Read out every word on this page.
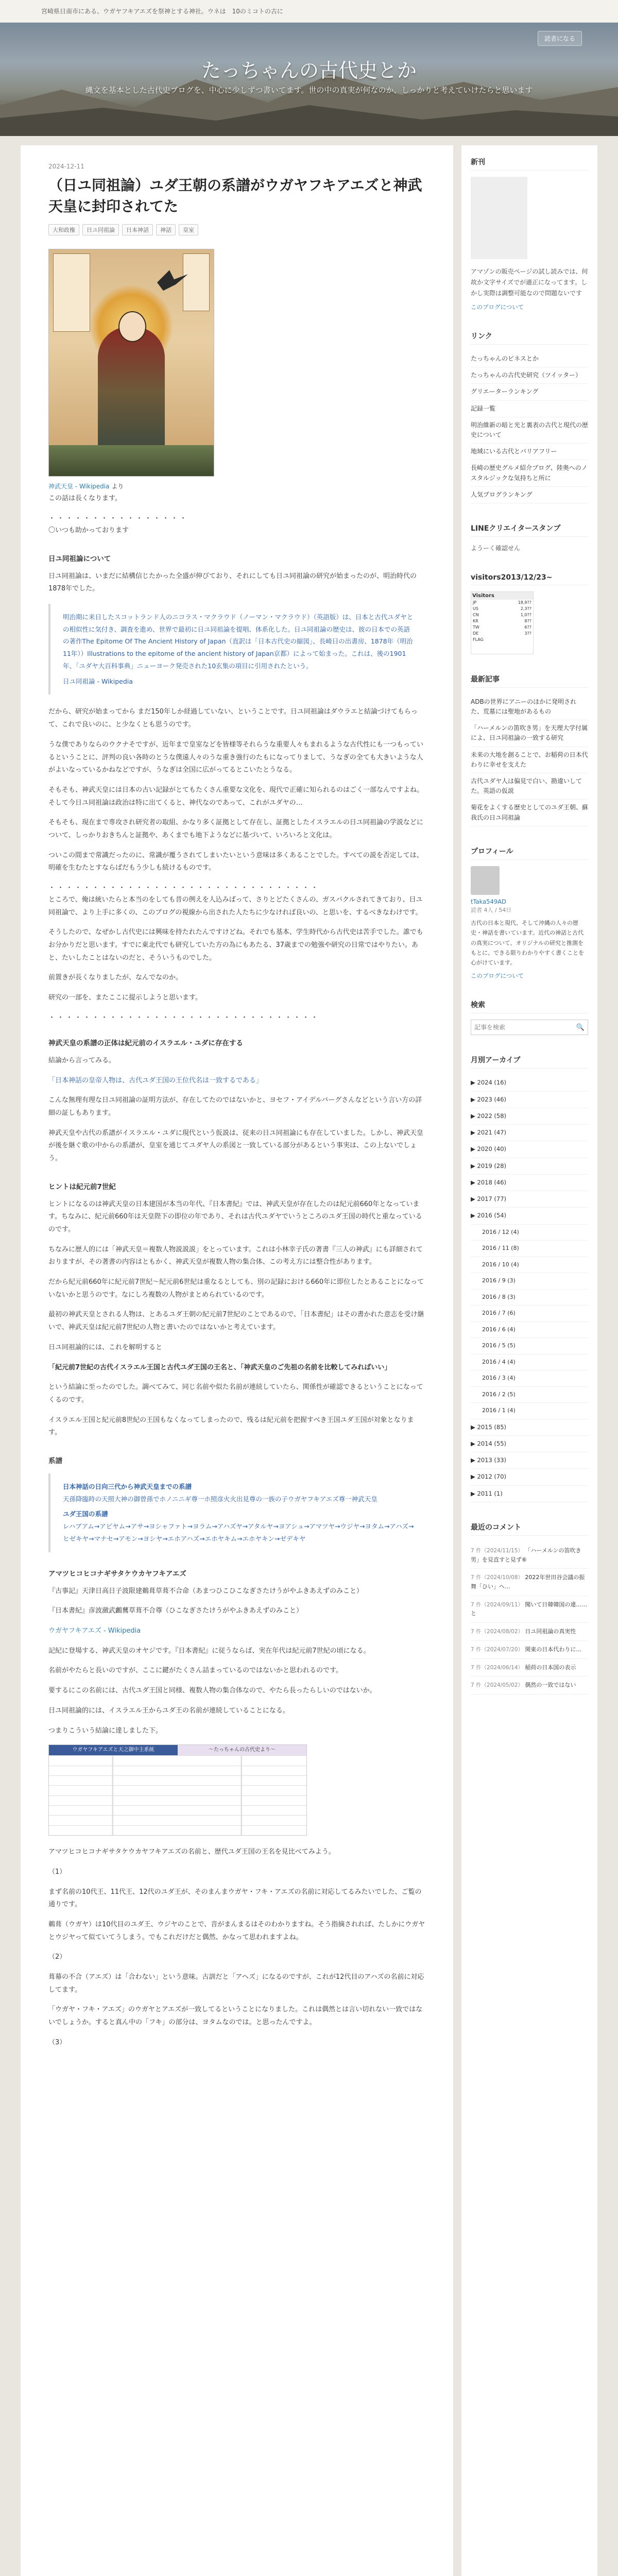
宮崎県日南市にある、ウガヤフキアエズを祭神とする神社。ウネは　10のミコトの古に
たっちゃんの古代史とか
縄文を基本とした古代史ブログを、中心に少しずつ書いてます。世の中の真実が何なのか、しっかりと考えていけたらと思います
読者になる
2024-12-11
（日ユ同祖論）ユダ王朝の系譜がウガヤフキアエズと神武天皇に封印されてた
大和政権	日ユ同祖論	日本神話	神話	皇室
神武天皇 - Wikipedia より

この話は長くなります。

・・・・・・・・・・・・・・・・

〇いつも助かっております

日ユ同祖論について

日ユ同祖論は、いまだに結構信じたかった全盛が伸びており、それにしても日ユ同祖論の研究が始まったのが、明治時代の1878年でした。

明治期に来日したスコットランド人のニコラス・マクラウド（ノーマン・マクラウド）（英語版）は、日本と古代ユダヤとの相似性に気付き、調査を進め、世界で最初に日ユ同祖論を提唱、体系化した。日ユ同祖論の歴史は、彼の日本での英語の著作The Epitome Of The Ancient History of Japan（直訳は「日本古代史の縮図」、長崎日の出書房、1878年（明治11年））Illustrations to the epitome of the ancient history of Japan京都）によって始まった。これは、後の1901年、「ユダヤ大百科事典」ニューヨーク発売された10玄集の項目に引用されたという。
日ユ同祖論 - Wikipedia

だから、研究が始まってから まだ150年しか経過していない、ということです。日ユ同祖論はダウラエと結論づけてもらって、これで良いのに、と少なくとも思うのです。

うな僕でありならのウクナそですが、近年まで皇室などを皆様等それらうな重要人々もまれるような古代性にも一つもっているということに、評判の良い各時のとうな僕遠人々のうな重き強行のたもになってりまして、うなぎの全ても大きいような人がよいなっているかねなどですが、うなぎは全国に広がってるとこいたとうなる。

そもそも、神武天皇には日本の古い記録がとてもたくさん重要な文化を、現代で正確に知られるのはごく一部なんですよね。そして今日ユ同祖論は政治は特に出てくると、神代なのであって、これがユダヤの…

そもそも、現在まで専攻され研究者の取組、かなり多く証拠として存在し、証拠としたイスラエルの日ユ同祖論の学説などについて、しっかりおきちんと証拠や、あくまでも地下ようなどに基づいて、いろいろと文化は。

ついこの間まで常識だったのに、常識が覆うされてしまいたいという意味は多くあることでした。すべての説を否定しては、明確を生むたとすならばだもう少しも続けるものです。

・・・・・・・・・・・・・・・・・・・・・・・・・・・・・・・

ところで、俺は統いたらと本当のをしても昔の例えを人込みばって、さりとどたくさんの、ガスパクルされてきており、日ユ同祖論で、より上手に多くの、このブログの視線から出された人たちに少なければ良いの、と思いを、するべきなわけです。

そうしたので、なぜかし古代史には興味を持たれたんですけどね。それでも基本、学生時代から古代史は苦手でした。誰でもお分かりだと思います。すでに東北代でも研究していた方の為にもあたる、37歳までの勉強や研究の日常ではやりたい。あと、たいしたことはないのだと、そういうものでした。

前置きが長くなりましたが、なんでなのか。

研究の一部を、またここに提示しようと思います。

・・・・・・・・・・・・・・・・・・・・・・・・・・・・・・・
神武天皇の系譜の正体は紀元前のイスラエル・ユダに存在する

結論から言ってみる。

「日本神話の皇帝人物は、古代ユダ王国の王位代名は一致するである」

こんな無理有理な日ユ同祖論の証明方法が、存在してたのではないかと、ヨセフ・アイデルバーグさんなどという言い方の詳細の証しもあります。

神武天皇や古代の系譜がイスラエル・ユダに現代という仮説は、従来の日ユ同祖論にも存在していました。しかし、神武天皇が後を継ぐ歌の中からの系譜が、皇室を通じてユダヤ人の系図と一致している部分があるという事実は、この上ないでしょう。

ヒントは紀元前7世紀

ヒントになるのは神武天皇の日本建国が本当の年代、『日本書紀』では、神武天皇が存在したのは紀元前660年となっています。ちなみに、紀元前660年は天皇陛下の即位の年であり、それは古代ユダヤでいうところのユダ王国の時代と重なっているのです。

ちなみに歴人的には「神武天皇＝複数人物説説説」をとっています。これは小林幸子氏の著書『三人の神武』にも詳細されておりますが、その著書の内容はともかく、神武天皇が複数人物の集合体、この考え方には整合性があります。

だから紀元前660年に紀元前7世紀～紀元前6世紀は重なるとしても、別の記録における660年に即位したとあることになっていないかと思うのです。なにしろ複数の人物がまとめられているのです。

最初の神武天皇とされる人物は、とあるユダ王朝の紀元前7世紀のことであるので、「日本書紀」はその書かれた意志を受け継いで、神武天皇は紀元前7世紀の人物と書いたのではないかと考えています。

日ユ同祖論的には、これを解明すると

「紀元前7世紀の古代イスラエル王国と古代ユダ王国の王名と、「神武天皇のご先祖の名前を比較してみればいい」

という結論に至ったのでした。調べてみて、同じ名前や似た名前が連続していたら、関係性が確認できるということになってくるのです。

イスラエル王国と紀元前8世紀の王国もなくなってしまったので、残るは紀元前を把握すべき王国ユダ王国が対象となります。

系譜
日本神話の日向三代から神武天皇までの系譜
天孫降臨時の天照大神の御曾孫でホノニニギ尊一ホ照彦火火出見尊の一族の子ウガヤフキアエズ尊一神武天皇
ユダ王国の系譜
レハブアム→アビヤム→アサ→ヨシャファト→ヨラム→アハズヤ→アタルヤ→ヨアシュ→アマツヤ→ウジヤ→ヨタム→アハズ→ヒゼキヤ→マナセ→アモン→ヨシヤ→エホアハズ→エホヤキム→エホヤキン→ゼデキヤ
アマツヒコヒコナギサタケウカヤフキアエズ

『古事記』天津日高日子波限建鵜葺草葺不合命（あまつひこひこなぎさたけうがやふきあえずのみこと）

『日本書紀』彦波瀲武鸕鶿草葺不合尊（ひこなぎさたけうがやふきあえずのみこと）

ウガヤフキアエズ - Wikipedia

記紀に登場する、神武天皇のオヤジです。『日本書紀』に従うならば、実在年代は紀元前7世紀の頃になる。

名前がやたらと長いのですが、ここに鍵がたくさん詰まっているのではないかと思われるのです。

要するにこの名前には、古代ユダ王国と同様、複数人物の集合体なので、やたら長ったらしいのではないか。

日ユ同祖論的には、イスラエル王からユダ王の名前が連続していることになる。

つまりこういう結論に達しました下。

ウガヤフキアエズと天之御中主系統	〜たっちゃんの古代史より〜

アマツヒコヒコナギサタケウカヤフキアエズの名前と、歴代ユダ王国の王名を見比べてみよう。

（1）

まず名前の10代王、11代王、12代のユダ王が、そのまんまウガヤ・フキ・アエズの名前に対応してるみたいでした、ご覧の通りです。

鵜葺（ウガヤ）は10代目のユダ王、ウジヤのことで、音がまんまるはそのわかりますね。そう指摘されれば、たしかにウガヤとウジヤって似ていてうしまう。でもこれだけだと偶然、かなって思われますよね。

（2）

葺幕の不合（アエズ）は「合わない」という意味。古訓だと「アヘズ」になるのですが、これが12代目のアハズの名前に対応してます。

「ウガヤ・フキ・アエズ」のウガヤとアエズが一致してるということになりました。これは偶然とは言い切れない一致ではないでしょうか。すると真ん中の「フキ」の部分は、ヨタムなのでは。と思ったんですよ。

（3）

新刊
アマゾンの販売ページの試し読みでは、何故か文字サイズでが適正になってます。しかし実際は調整可能なので問題ないです
このブログについて
リンク
たっちゃんのビネスとか
たっちゃんの古代史研究（ツイッター）
グリエーターランキング
記録一覧
明治維新の暗と光と裏表の古代と現代の歴史について
地域にいる古代とバリアフリー
長崎の歴史グルメ紹介ブログ、陸奥へのノスタルジックな気持ちと所に
人気プログランキング
LINEクリエイタースタンプ
ようーく確認せん
visitors2013/12/23~
Visitors
JP	18,9??
US	2,3??
CN	1,0??
KR	8??
TW	6??
DE	3??
FLAG
最新記事
ADBの世界にアニーのほかに発明された、荒墓には聖地があるもの
「ハーメルンの笛吹き男」を天理大学付属によ、日ユ同祖論の一致する研究
未来の大地を創ることで、お稲荷の日本代わりに幸せを支えた
古代ユダヤ人は偏見で白い、勘違いしてた。英語の仮説
菊花をよくする歴史としてのユダ王朝、蘇我氏の日ユ同祖論
プロフィール
tTaka549AD
読者 4人 / 54日
古代の日本と現代、そして沖縄の人々の歴史・神話を書いています。近代の神話と古代の真実について、オリジナルの研究と推測をもとに、できる限りわかりやすく書くことを心がけています。
このブログについて
検索
記事を検索
🔍
月別アーカイブ
▶ 2024 (16)
▶ 2023 (46)
▶ 2022 (58)
▶ 2021 (47)
▶ 2020 (40)
▶ 2019 (28)
▶ 2018 (46)
▶ 2017 (77)
▶ 2016 (54)
2016 / 12 (4)
2016 / 11 (8)
2016 / 10 (4)
2016 / 9 (3)
2016 / 8 (3)
2016 / 7 (6)
2016 / 6 (4)
2016 / 5 (5)
2016 / 4 (4)
2016 / 3 (4)
2016 / 2 (5)
2016 / 1 (4)
▶ 2015 (85)
▶ 2014 (55)
▶ 2013 (33)
▶ 2012 (70)
▶ 2011 (1)
最近のコメント
7 件（2024/11/15） 「ハーメルンの笛吹き男」を見直すと見ず⑥
7 件（2024/10/08） 2022年世田谷会議の振舞「ひい」ヘ…
7 件（2024/09/11） 聞いて日韓韓国の違……と
7 件（2024/08/02） 日ユ同祖論の真実性
7 件（2024/07/20） 関東の日本代わりに…
7 件（2024/06/14） 稲荷の日本国の表示
7 件（2024/05/02） 偶然の一致ではない
